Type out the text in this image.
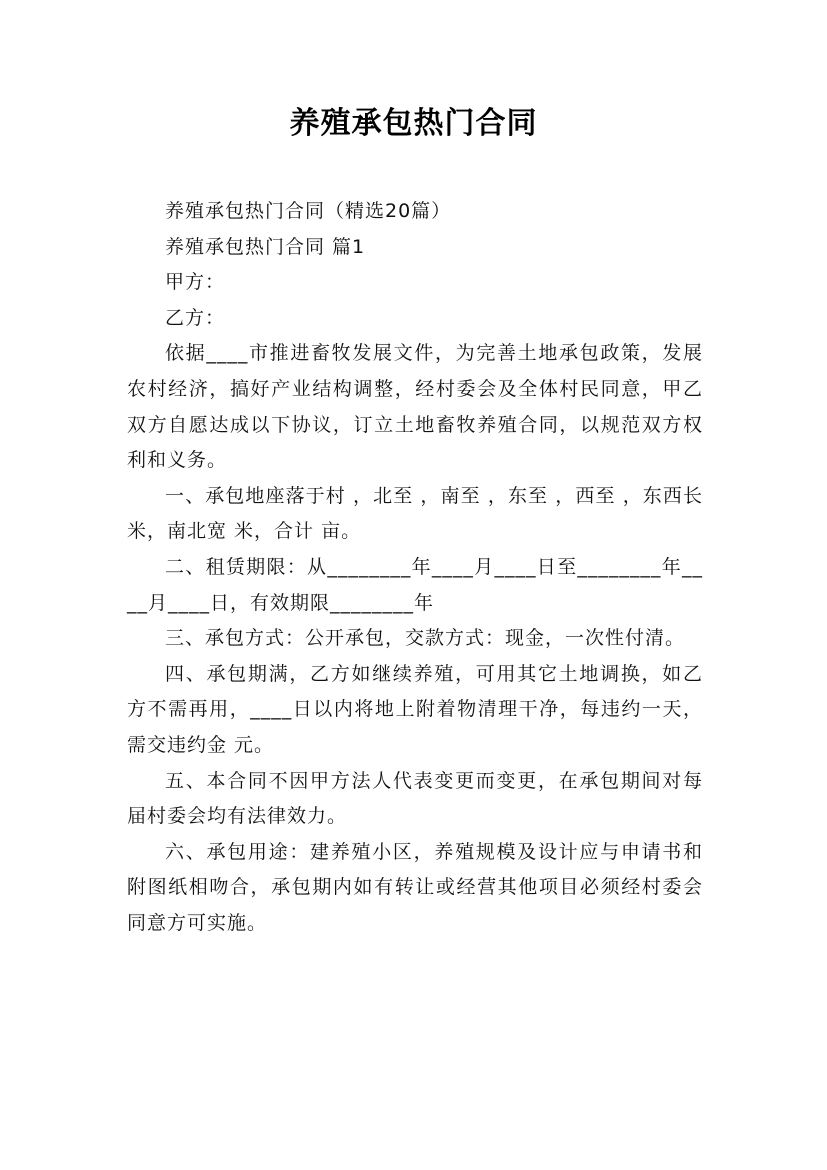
养殖承包热门合同

养殖承包热门合同（精选20篇）

养殖承包热门合同 篇1

甲方：

乙方：

依据____市推进畜牧发展文件，为完善土地承包政策，发展农村经济，搞好产业结构调整，经村委会及全体村民同意，甲乙双方自愿达成以下协议，订立土地畜牧养殖合同，以规范双方权利和义务。

一、承包地座落于村 ，北至 ，南至 ，东至 ，西至 ，东西长 米，南北宽 米，合计 亩。

二、租赁期限：从________年____月____日至________年____月____日，有效期限________年

三、承包方式：公开承包，交款方式：现金，一次性付清。

四、承包期满，乙方如继续养殖，可用其它土地调换，如乙方不需再用，____日以内将地上附着物清理干净，每违约一天，需交违约金 元。

五、本合同不因甲方法人代表变更而变更，在承包期间对每届村委会均有法律效力。

六、承包用途：建养殖小区，养殖规模及设计应与申请书和附图纸相吻合，承包期内如有转让或经营其他项目必须经村委会同意方可实施。
